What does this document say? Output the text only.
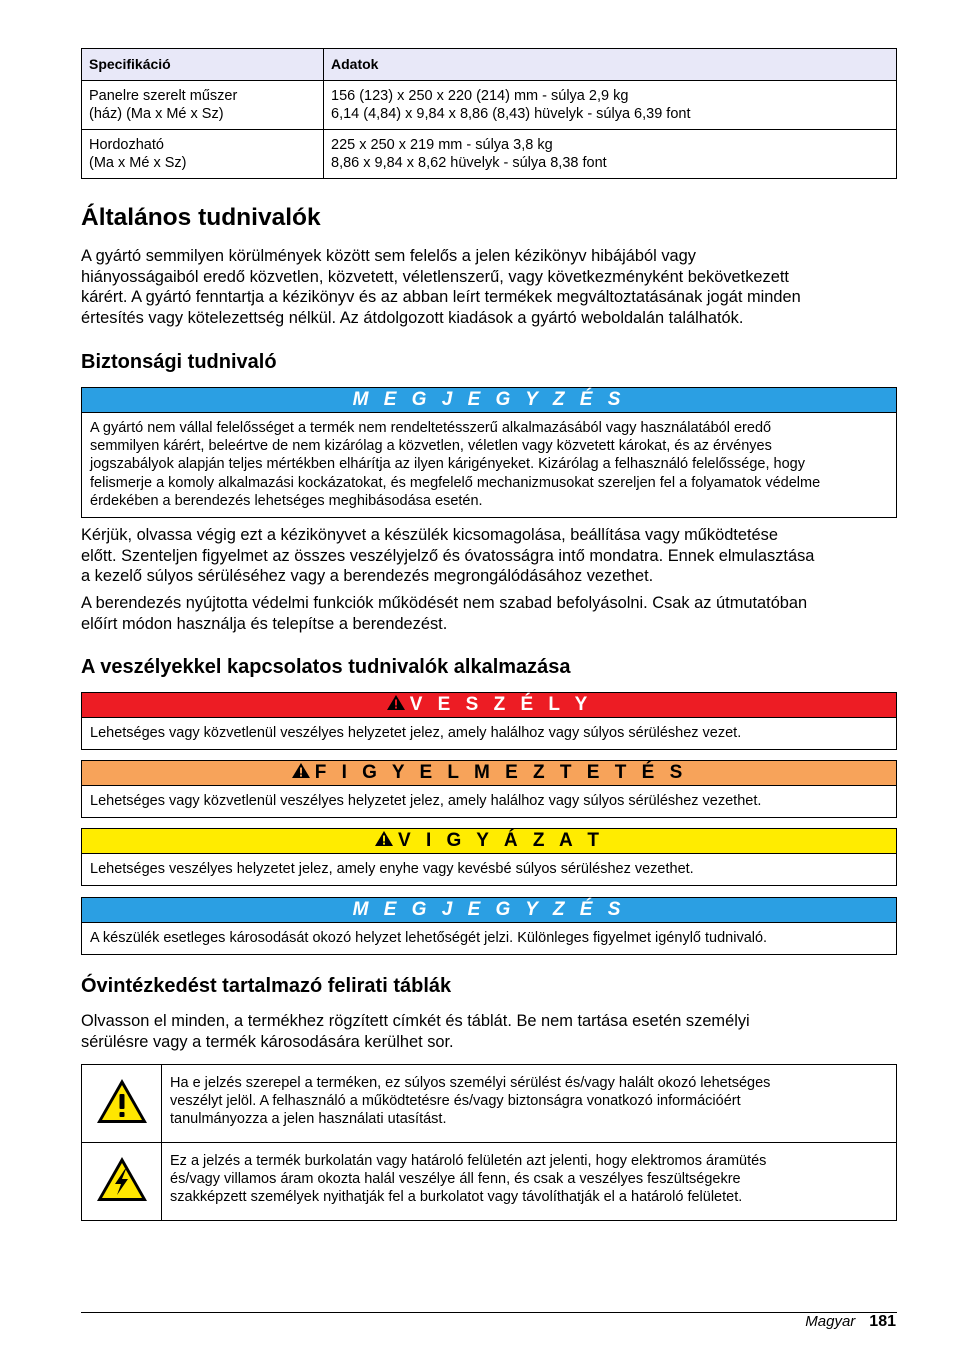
Specifikáció	Adatok

Panelre szerelt műszer
(ház) (Ma x Mé x Sz)	156 (123) x 250 x 220 (214) mm - súlya 2,9 kg
6,14 (4,84) x 9,84 x 8,86 (8,43) hüvelyk - súlya 6,39 font

Hordozható
(Ma x Mé x Sz)	225 x 250 x 219 mm - súlya 3,8 kg
8,86 x 9,84 x 8,62 hüvelyk - súlya 8,38 font
Általános tudnivalók

A gyártó semmilyen körülmények között sem felelős a jelen kézikönyv hibájából vagy
hiányosságaiból eredő közvetlen, közvetett, véletlenszerű, vagy következményként bekövetkezett
kárért. A gyártó fenntartja a kézikönyv és az abban leírt termékek megváltoztatásának jogát minden
értesítés vagy kötelezettség nélkül. Az átdolgozott kiadások a gyártó weboldalán találhatók.

Biztonsági tudnivaló
M E G J E G Y Z É S
A gyártó nem vállal felelősséget a termék nem rendeltetésszerű alkalmazásából vagy használatából eredő
semmilyen kárért, beleértve de nem kizárólag a közvetlen, véletlen vagy közvetett károkat, és az érvényes
jogszabályok alapján teljes mértékben elhárítja az ilyen kárigényeket. Kizárólag a felhasználó felelőssége, hogy
felismerje a komoly alkalmazási kockázatokat, és megfelelő mechanizmusokat szereljen fel a folyamatok védelme
érdekében a berendezés lehetséges meghibásodása esetén.

Kérjük, olvassa végig ezt a kézikönyvet a készülék kicsomagolása, beállítása vagy működtetése
előtt. Szenteljen figyelmet az összes veszélyjelző és óvatosságra intő mondatra. Ennek elmulasztása
a kezelő súlyos sérüléséhez vagy a berendezés megrongálódásához vezethet.

A berendezés nyújtotta védelmi funkciók működését nem szabad befolyásolni. Csak az útmutatóban
előírt módon használja és telepítse a berendezést.

A veszélyekkel kapcsolatos tudnivalók alkalmazása
V E S Z É L Y
Lehetséges vagy közvetlenül veszélyes helyzetet jelez, amely halálhoz vagy súlyos sérüléshez vezet.
F I G Y E L M E Z T E T É S
Lehetséges vagy közvetlenül veszélyes helyzetet jelez, amely halálhoz vagy súlyos sérüléshez vezethet.
V I G Y Á Z A T
Lehetséges veszélyes helyzetet jelez, amely enyhe vagy kevésbé súlyos sérüléshez vezethet.
M E G J E G Y Z É S
A készülék esetleges károsodását okozó helyzet lehetőségét jelzi. Különleges figyelmet igénylő tudnivaló.
Óvintézkedést tartalmazó felirati táblák

Olvasson el minden, a termékhez rögzített címkét és táblát. Be nem tartása esetén személyi
sérülésre vagy a termék károsodására kerülhet sor.

Ha e jelzés szerepel a terméken, ez súlyos személyi sérülést és/vagy halált okozó lehetséges
veszélyt jelöl. A felhasználó a működtetésre és/vagy biztonságra vonatkozó információért
tanulmányozza a jelen használati utasítást.

Ez a jelzés a termék burkolatán vagy határoló felületén azt jelenti, hogy elektromos áramütés
és/vagy villamos áram okozta halál veszélye áll fenn, és csak a veszélyes feszültségekre
szakképzett személyek nyithatják fel a burkolatot vagy távolíthatják el a határoló felületet.
Magyar 181
